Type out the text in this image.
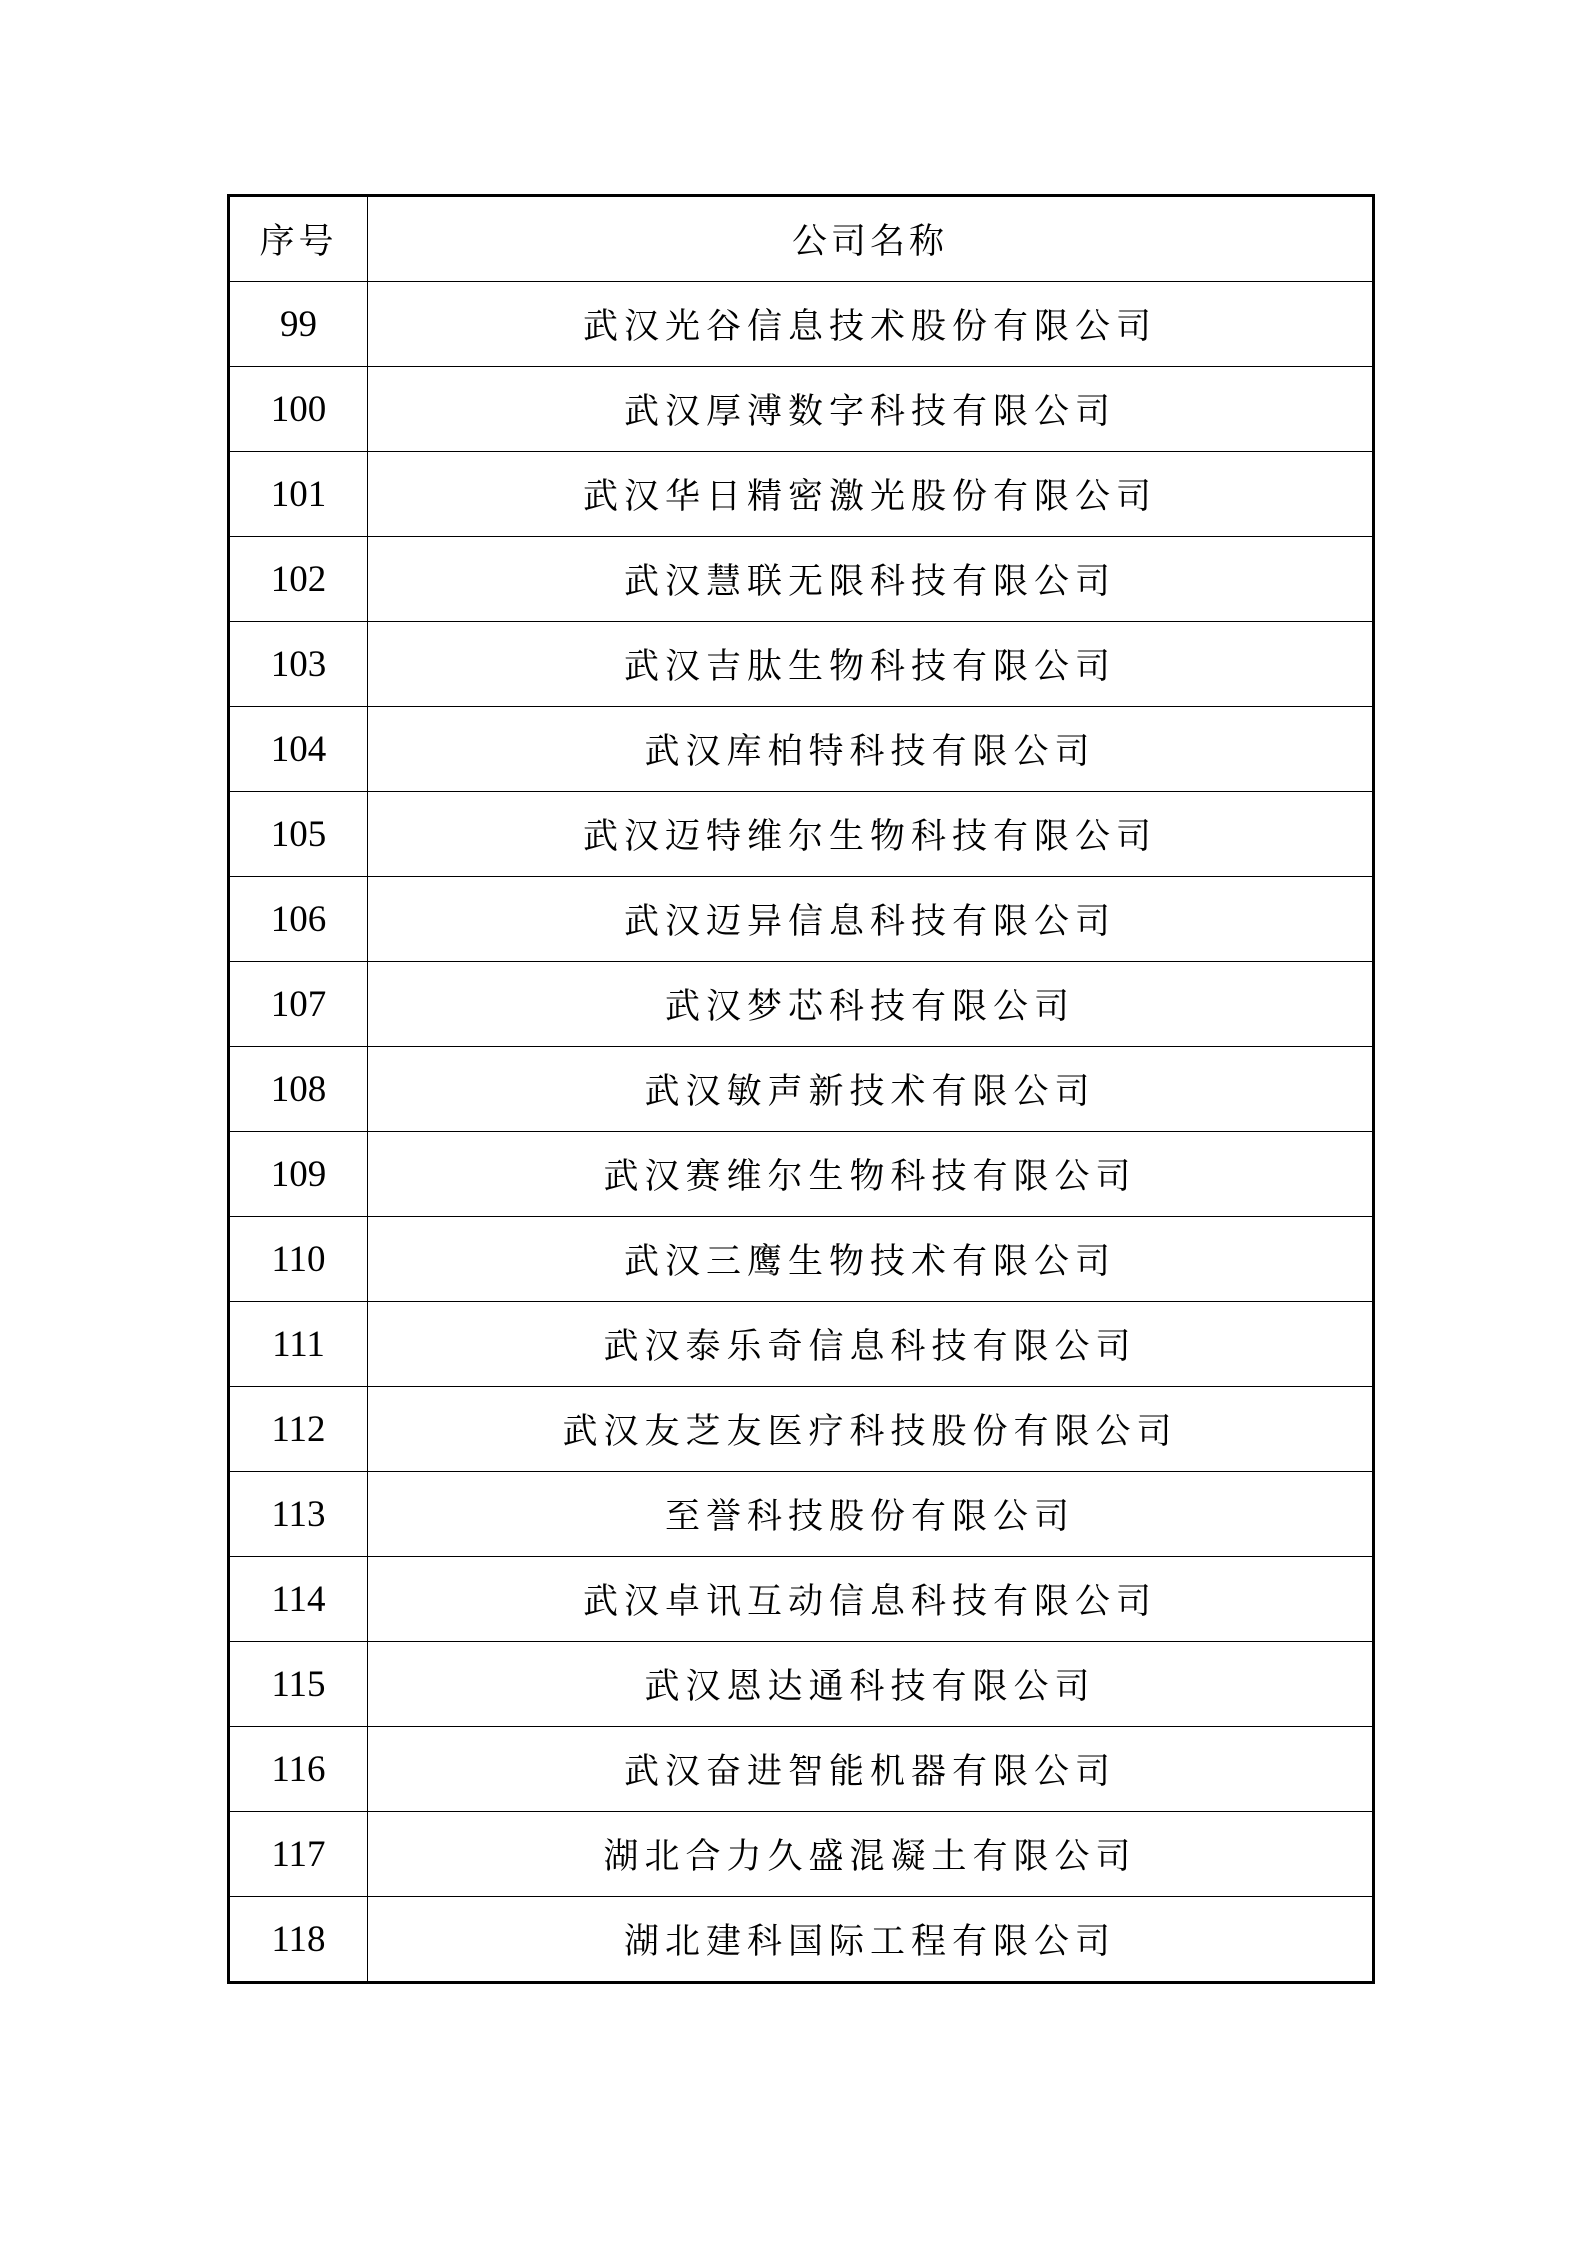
序号	公司名称
99	武汉光谷信息技术股份有限公司
100	武汉厚溥数字科技有限公司
101	武汉华日精密激光股份有限公司
102	武汉慧联无限科技有限公司
103	武汉吉肽生物科技有限公司
104	武汉库柏特科技有限公司
105	武汉迈特维尔生物科技有限公司
106	武汉迈异信息科技有限公司
107	武汉梦芯科技有限公司
108	武汉敏声新技术有限公司
109	武汉赛维尔生物科技有限公司
110	武汉三鹰生物技术有限公司
111	武汉泰乐奇信息科技有限公司
112	武汉友芝友医疗科技股份有限公司
113	至誉科技股份有限公司
114	武汉卓讯互动信息科技有限公司
115	武汉恩达通科技有限公司
116	武汉奋进智能机器有限公司
117	湖北合力久盛混凝土有限公司
118	湖北建科国际工程有限公司
